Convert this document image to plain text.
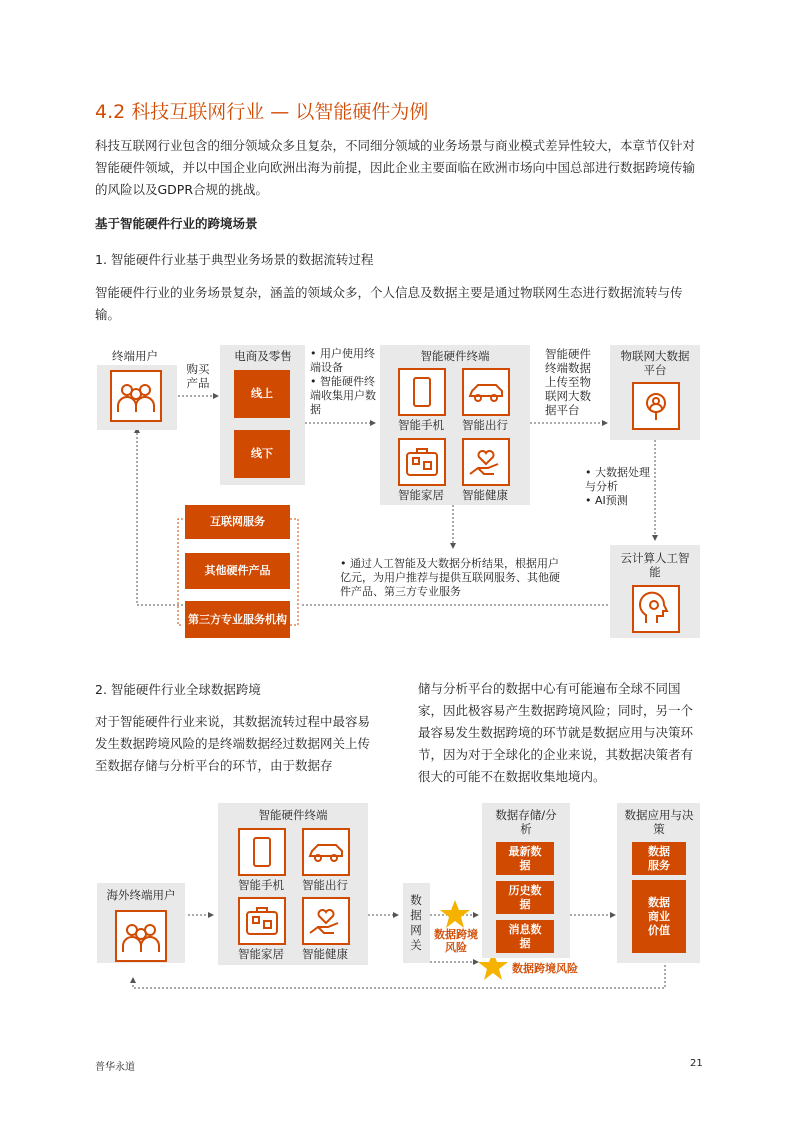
4.2 科技互联网行业 — 以智能硬件为例
科技互联网行业包含的细分领域众多且复杂，不同细分领域的业务场景与商业模式差异性较大，本章节仅针对智能硬件领域，并以中国企业向欧洲出海为前提，因此企业主要面临在欧洲市场向中国总部进行数据跨境传输的风险以及GDPR合规的挑战。
基于智能硬件行业的跨境场景
1. 智能硬件行业基于典型业务场景的数据流转过程
智能硬件行业的业务场景复杂，涵盖的领域众多，个人信息及数据主要是通过物联网生态进行数据流转与传输。
终端用户
购买
产品
电商及零售
线上
线下
• 用户使用终端设备
• 智能硬件终端收集用户数据
智能硬件终端
智能手机 智能出行
智能家居 智能健康
智能硬件终端数据上传至物联网大数据平台
物联网大数据平台
• 大数据处理与分析
• AI预测
云计算人工智能
• 通过人工智能及大数据分析结果，根据用户亿元，为用户推荐与提供互联网服务、其他硬件产品、第三方专业服务
互联网服务
其他硬件产品
第三方专业服务机构
2. 智能硬件行业全球数据跨境
对于智能硬件行业来说，其数据流转过程中最容易发生数据跨境风险的是终端数据经过数据网关上传至数据存储与分析平台的环节，由于数据存
储与分析平台的数据中心有可能遍布全球不同国家，因此极容易产生数据跨境风险；同时，另一个最容易发生数据跨境的环节就是数据应用与决策环节，因为对于全球化的企业来说，其数据决策者有很大的可能不在数据收集地境内。
海外终端用户
智能硬件终端
智能手机	智能出行
智能家居	智能健康
数据网关
数据跨境风险
数据跨境风险
数据存储/分析
最新数据
历史数据
消息数据
数据应用与决策
数据服务
数据商业价值
普华永道	21
